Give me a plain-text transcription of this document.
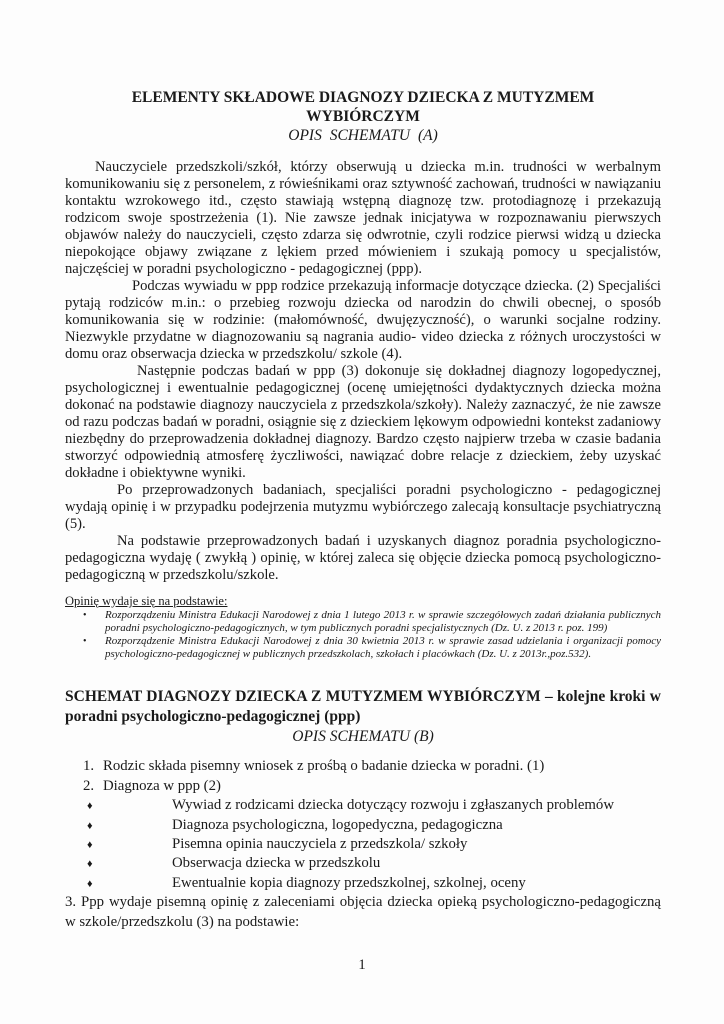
ELEMENTY SKŁADOWE DIAGNOZY DZIECKA Z MUTYZMEM WYBIÓRCZYM
OPIS SCHEMATU (A)

Nauczyciele przedszkoli/szkół, którzy obserwują u dziecka m.in. trudności w werbalnym komunikowaniu się z personelem, z rówieśnikami oraz sztywność zachowań, trudności w nawiązaniu kontaktu wzrokowego itd., często stawiają wstępną diagnozę tzw. protodiagnozę i przekazują rodzicom swoje spostrzeżenia (1). Nie zawsze jednak inicjatywa w rozpoznawaniu pierwszych objawów należy do nauczycieli, często zdarza się odwrotnie, czyli rodzice pierwsi widzą u dziecka niepokojące objawy związane z lękiem przed mówieniem i szukają pomocy u specjalistów, najczęściej w poradni psychologiczno - pedagogicznej (ppp).

Podczas wywiadu w ppp rodzice przekazują informacje dotyczące dziecka. (2) Specjaliści pytają rodziców m.in.: o przebieg rozwoju dziecka od narodzin do chwili obecnej, o sposób komunikowania się w rodzinie: (małomówność, dwujęzyczność), o warunki socjalne rodziny. Niezwykle przydatne w diagnozowaniu są nagrania audio- video dziecka z różnych uroczystości w domu oraz obserwacja dziecka w przedszkolu/ szkole (4).

Następnie podczas badań w ppp (3) dokonuje się dokładnej diagnozy logopedycznej, psychologicznej i ewentualnie pedagogicznej (ocenę umiejętności dydaktycznych dziecka można dokonać na podstawie diagnozy nauczyciela z przedszkola/szkoły). Należy zaznaczyć, że nie zawsze od razu podczas badań w poradni, osiągnie się z dzieckiem lękowym odpowiedni kontekst zadaniowy niezbędny do przeprowadzenia dokładnej diagnozy. Bardzo często najpierw trzeba w czasie badania stworzyć odpowiednią atmosferę życzliwości, nawiązać dobre relacje z dzieckiem, żeby uzyskać dokładne i obiektywne wyniki.

Po przeprowadzonych badaniach, specjaliści poradni psychologiczno - pedagogicznej wydają opinię i w przypadku podejrzenia mutyzmu wybiórczego zalecają konsultacje psychiatryczną (5).

Na podstawie przeprowadzonych badań i uzyskanych diagnoz poradnia psychologiczno- pedagogiczna wydaję ( zwykłą ) opinię, w której zaleca się objęcie dziecka pomocą psychologiczno- pedagogiczną w przedszkolu/szkole.

Opinię wydaje się na podstawie:
• Rozporządzeniu Ministra Edukacji Narodowej z dnia 1 lutego 2013 r. w sprawie szczegółowych zadań działania publicznych poradni psychologiczno-pedagogicznych, w tym publicznych poradni specjalistycznych (Dz. U. z 2013 r. poz. 199)
• Rozporządzenie Ministra Edukacji Narodowej z dnia 30 kwietnia 2013 r. w sprawie zasad udzielania i organizacji pomocy psychologiczno-pedagogicznej w publicznych przedszkolach, szkołach i placówkach (Dz. U. z 2013r.,poz.532).
SCHEMAT DIAGNOZY DZIECKA Z MUTYZMEM WYBIÓRCZYM – kolejne kroki w poradni psychologiczno-pedagogicznej (ppp)
OPIS SCHEMATU (B)
1. Rodzic składa pisemny wniosek z prośbą o badanie dziecka w poradni. (1)
2. Diagnoza w ppp (2)
♦	Wywiad z rodzicami dziecka dotyczący rozwoju i zgłaszanych problemów
♦	Diagnoza psychologiczna, logopedyczna, pedagogiczna
♦	Pisemna opinia nauczyciela z przedszkola/ szkoły
♦	Obserwacja dziecka w przedszkolu
♦	Ewentualnie kopia diagnozy przedszkolnej, szkolnej, oceny

3. Ppp wydaje pisemną opinię z zaleceniami objęcia dziecka opieką psychologiczno-pedagogiczną w szkole/przedszkolu (3) na podstawie:

1
